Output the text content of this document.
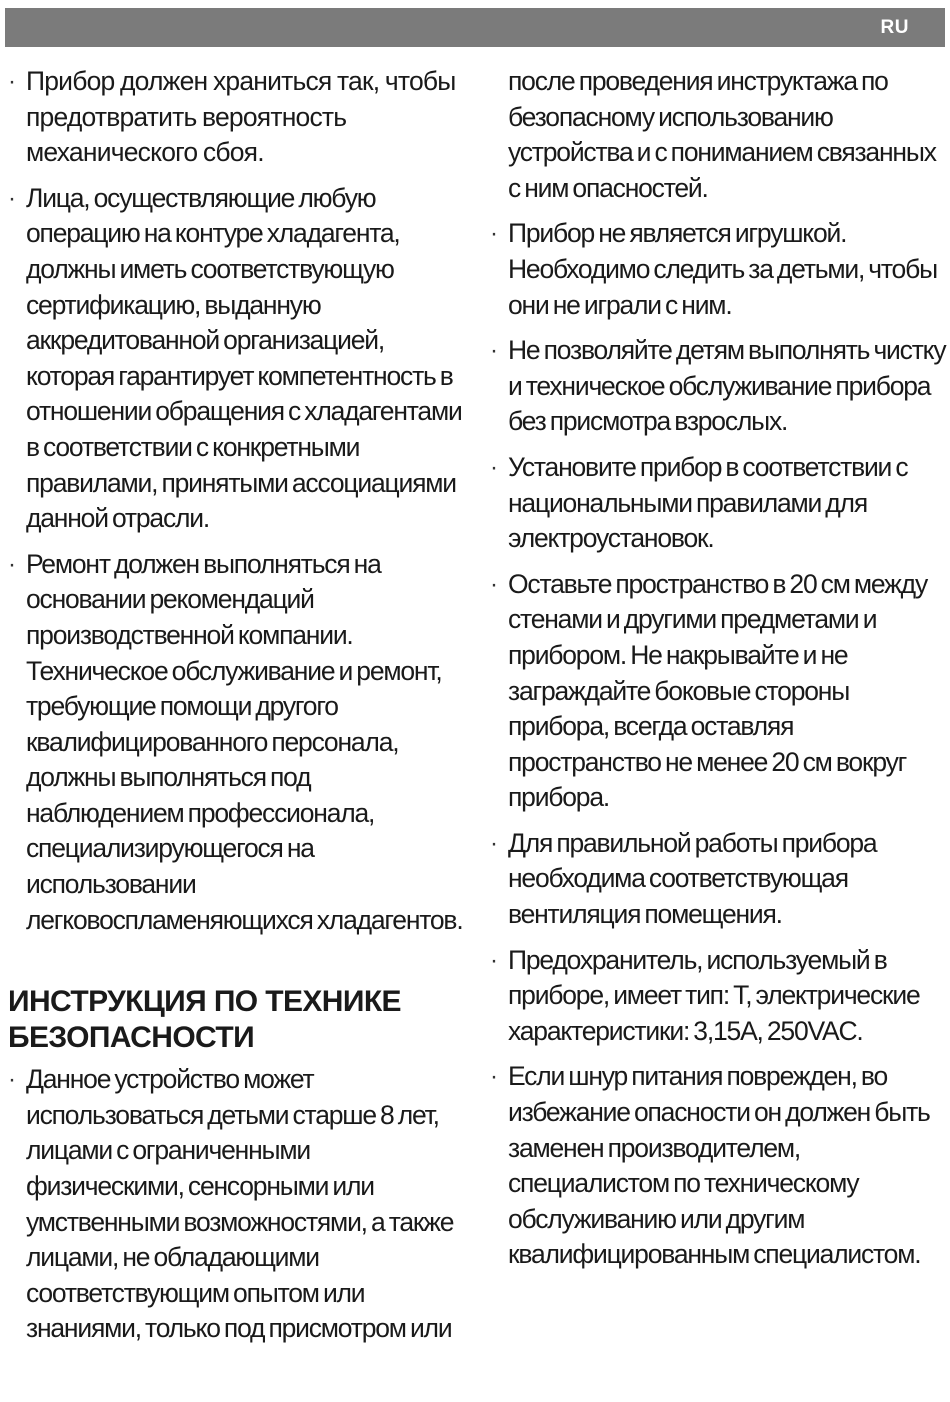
RU
· Прибор должен храниться так, чтобы предотвратить вероятность механического сбоя.
· Лица, осуществляющие любую операцию на контуре хладагента, должны иметь соответствующую сертификацию, выданную аккредитованной организацией, которая гарантирует компетентность в отношении обращения с хладагентами в соответствии с конкретными правилами, принятыми ассоциациями данной отрасли.
· Ремонт должен выполняться на основании рекомендаций производственной компании. Техническое обслуживание и ремонт, требующие помощи другого квалифицированного персонала, должны выполняться под наблюдением профессионала, специализирующегося на использовании легковоспламеняющихся хладагентов.
ИНСТРУКЦИЯ ПО ТЕХНИКЕ БЕЗОПАСНОСТИ
· Данное устройство может использоваться детьми старше 8 лет, лицами с ограниченными физическими, сенсорными или умственными возможностями, а также лицами, не обладающими соответствующим опытом или знаниями, только под присмотром или
после проведения инструктажа по безопасному использованию устройства и с пониманием связанных с ним опасностей.
· Прибор не является игрушкой. Необходимо следить за детьми, чтобы они не играли с ним.
· Не позволяйте детям выполнять чистку и техническое обслуживание прибора без присмотра взрослых.
· Установите прибор в соответствии с национальными правилами для электроустановок.
· Оставьте пространство в 20 см между стенами и другими предметами и прибором. Не накрывайте и не заграждайте боковые стороны прибора, всегда оставляя пространство не менее 20 см вокруг прибора.
· Для правильной работы прибора необходима соответствующая вентиляция помещения.
· Предохранитель, используемый в приборе, имеет тип: T, электрические характеристики: 3,15A, 250VAC.
· Если шнур питания поврежден, во избежание опасности он должен быть заменен производителем, специалистом по техническому обслуживанию или другим квалифицированным специалистом.
